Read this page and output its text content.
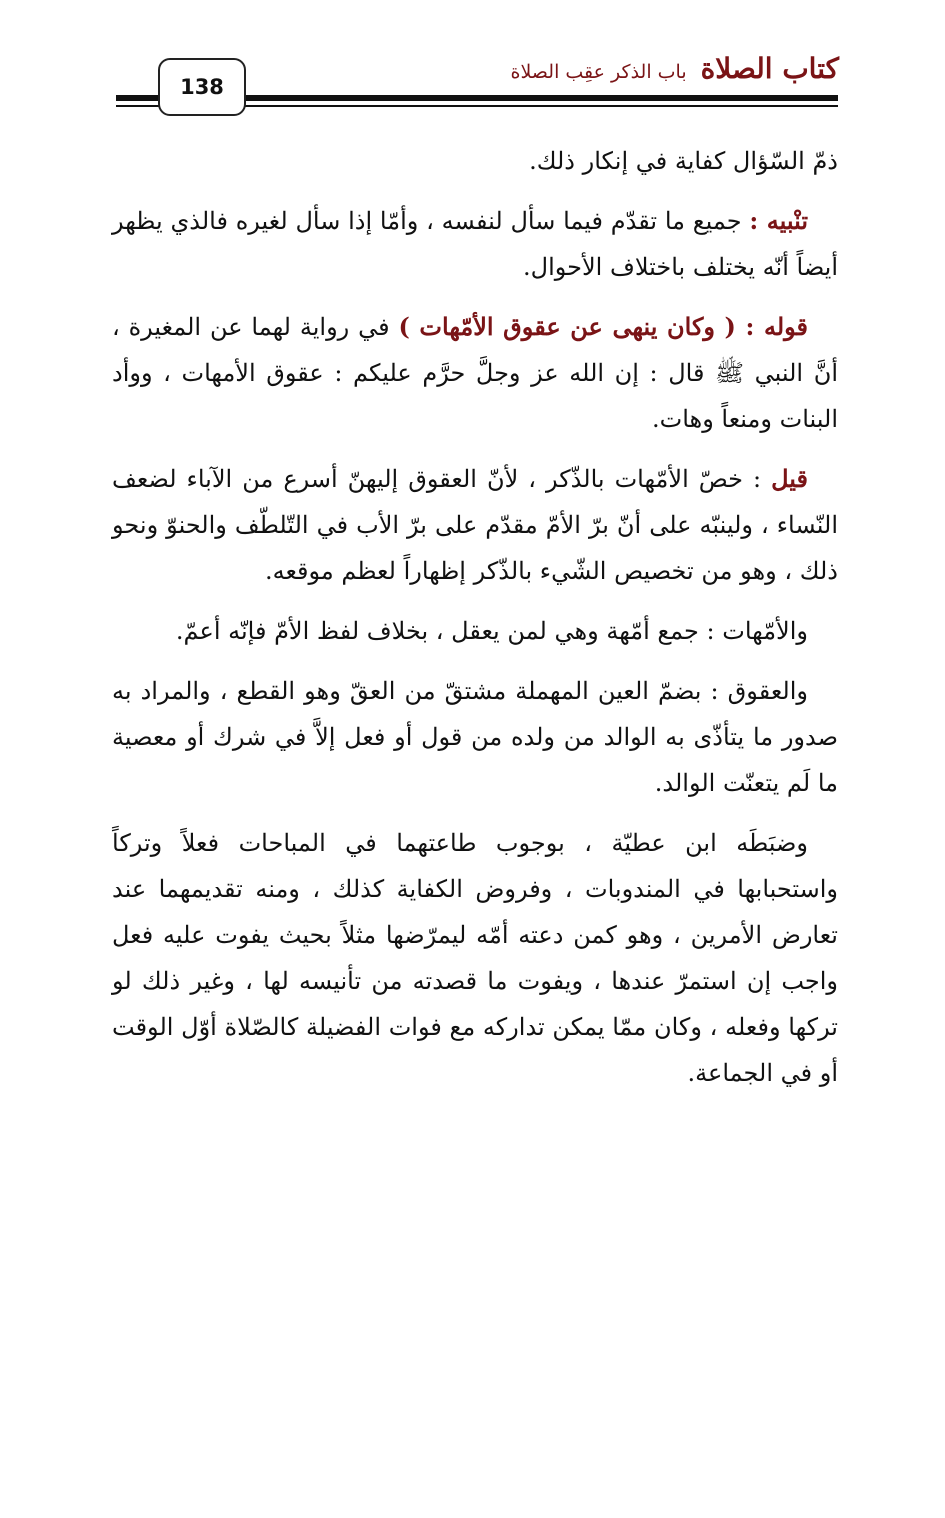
138
كتاب الصلاة
باب الذكر عقِب الصلاة

ذمّ السّؤال كفاية في إنكار ذلك.

تنْبيه : جميع ما تقدّم فيما سأل لنفسه ، وأمّا إذا سأل لغيره فالذي يظهر أيضاً أنّه يختلف باختلاف الأحوال.

قوله : ( وكان ينهى عن عقوق الأمّهات ) في رواية لهما عن المغيرة ، أنَّ النبي ﷺ قال : إن الله عز وجلَّ حرَّم عليكم : عقوق الأمهات ، ووأد البنات ومنعاً وهات.

قيل : خصّ الأمّهات بالذّكر ، لأنّ العقوق إليهنّ أسرع من الآباء لضعف النّساء ، ولينبّه على أنّ برّ الأمّ مقدّم على برّ الأب في التّلطّف والحنوّ ونحو ذلك ، وهو من تخصيص الشّيء بالذّكر إظهاراً لعظم موقعه.

والأمّهات : جمع أمّهة وهي لمن يعقل ، بخلاف لفظ الأمّ فإنّه أعمّ.

والعقوق : بضمّ العين المهملة مشتقّ من العقّ وهو القطع ، والمراد به صدور ما يتأذّى به الوالد من ولده من قول أو فعل إلاَّ في شرك أو معصية ما لَم يتعنّت الوالد.

وضبَطَه ابن عطيّة ، بوجوب طاعتهما في المباحات فعلاً وتركاً واستحبابها في المندوبات ، وفروض الكفاية كذلك ، ومنه تقديمهما عند تعارض الأمرين ، وهو كمن دعته أمّه ليمرّضها مثلاً بحيث يفوت عليه فعل واجب إن استمرّ عندها ، ويفوت ما قصدته من تأنيسه لها ، وغير ذلك لو تركها وفعله ، وكان ممّا يمكن تداركه مع فوات الفضيلة كالصّلاة أوّل الوقت أو في الجماعة.
